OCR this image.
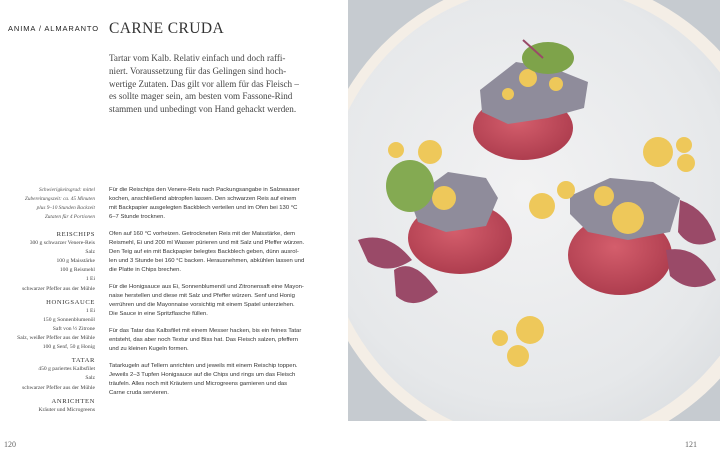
ANIMA / ALMARANTO CARNE CRUDA
Tartar vom Kalb. Relativ einfach und doch raffi-
niert. Voraussetzung für das Gelingen sind hoch-
wertige Zutaten. Das gilt vor allem für das Fleisch –
es sollte mager sein, am besten vom Fassone-Rind
stammen und unbedingt von Hand gehackt werden.
Schwierigkeitsgrad: mittel
Zubereitungszeit: ca. 45 Minuten
plus 9–10 Stunden Backzeit
Zutaten für 4 Portionen
REISCHIPS
300 g schwarzer Venere-Reis
Salz
100 g Maisstärke
100 g Reismehl
1 Ei
schwarzer Pfeffer aus der Mühle
HONIGSAUCE
1 Ei
150 g Sonnenblumenöl
Saft von ½ Zitrone
Salz, weißer Pfeffer aus der Mühle
100 g Senf, 50 g Honig
TATAR
450 g pariertes Kalbsfilet
Salz
schwarzer Pfeffer aus der Mühle
ANRICHTEN
Kräuter und Microgreens

Für die Reischips den Venere-Reis nach Packungsangabe in Salzwasser
kochen, anschließend abtropfen lassen. Den schwarzen Reis auf einem
mit Backpapier ausgelegten Backblech verteilen und im Ofen bei 130 °C
6–7 Stunde trocknen.

Ofen auf 160 °C vorheizen. Getrockneten Reis mit der Maisstärke, dem
Reismehl, Ei und 200 ml Wasser pürieren und mit Salz und Pfeffer würzen.
Den Teig auf ein mit Backpapier belegtes Backblech geben, dünn ausrol-
len und 3 Stunde bei 160 °C backen. Herausnehmen, abkühlen lassen und
die Platte in Chips brechen.

Für die Honigsauce aus Ei, Sonnenblumenöl und Zitronensaft eine Mayon-
naise herstellen und diese mit Salz und Pfeffer würzen. Senf und Honig
verrühren und die Mayonnaise vorsichtig mit einem Spatel unterziehen.
Die Sauce in eine Spritzflasche füllen.

Für das Tatar das Kalbsfilet mit einem Messer hacken, bis ein feines Tatar
entsteht, das aber noch Textur und Biss hat. Das Fleisch salzen, pfeffern
und zu kleinen Kugeln formen.

Tatarkugeln auf Tellern anrichten und jeweils mit einem Reischip toppen.
Jeweils 2–3 Tupfen Honigsauce auf die Chips und rings um das Fleisch
träufeln. Alles noch mit Kräutern und Microgreens garnieren und das
Carne cruda servieren.

120	121
